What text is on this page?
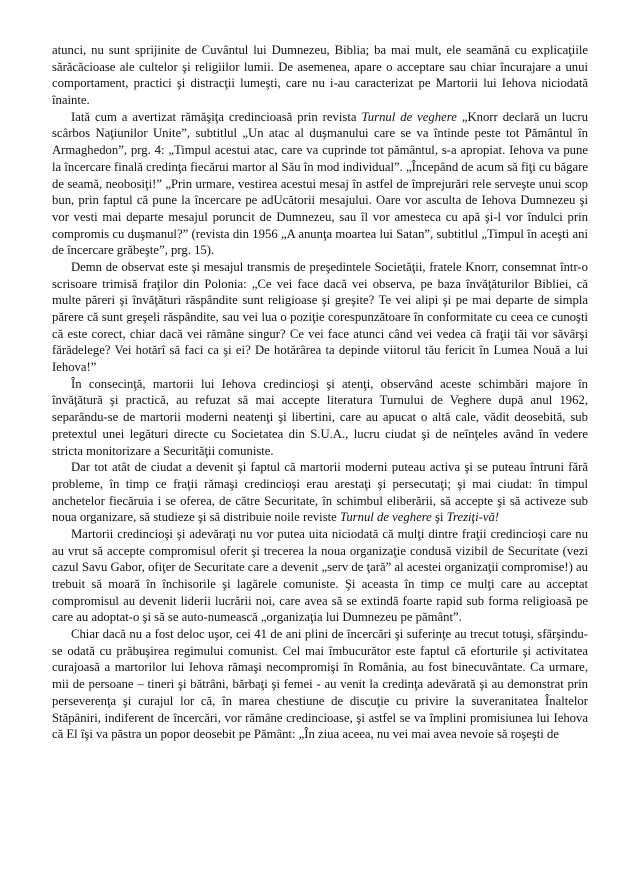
atunci, nu sunt sprijinite de Cuvântul lui Dumnezeu, Biblia; ba mai mult, ele seamănă cu explicaţiile sărăcăcioase ale cultelor şi religiilor lumii. De asemenea, apare o acceptare sau chiar încurajare a unui comportament, practici şi distracţii lumeşti, care nu i-au caracterizat pe Martorii lui Iehova niciodată înainte.

Iată cum a avertizat rămăşiţa credincioasă prin revista Turnul de veghere „Knorr declară un lucru scârbos Naţiunilor Unite”, subtitlul „Un atac al duşmanului care se va întinde peste tot Pământul în Armaghedon”, prg. 4: „Timpul acestui atac, care va cuprinde tot pământul, s-a apropiat. Iehova va pune la încercare finală credinţa fiecărui martor al Său în mod individual”. „Începând de acum să fiţi cu băgare de seamă, neobosiţi!” „Prin urmare, vestirea acestui mesaj în astfel de împrejurări rele serveşte unui scop bun, prin faptul că pune la încercare pe adUcătorii mesajului. Oare vor asculta de Iehova Dumnezeu şi vor vesti mai departe mesajul poruncit de Dumnezeu, sau îl vor amesteca cu apă şi-l vor îndulci prin compromis cu duşmanul?” (revista din 1956 „A anunţa moartea lui Satan”, subtitlul „Timpul în aceşti ani de încercare grăbeşte”, prg. 15).

Demn de observat este şi mesajul transmis de preşedintele Societăţii, fratele Knorr, consemnat într-o scrisoare trimisă fraţilor din Polonia: „Ce vei face dacă vei observa, pe baza învăţăturilor Bibliei, că multe păreri şi învăţături răspândite sunt religioase şi greşite? Te vei alipi şi pe mai departe de simpla părere că sunt greşeli răspândite, sau vei lua o poziţie corespunzătoare în conformitate cu ceea ce cunoşti că este corect, chiar dacă vei rămâne singur? Ce vei face atunci când vei vedea că fraţii tăi vor săvârşi fărădelege? Vei hotărî să faci ca şi ei? De hotărârea ta depinde viitorul tău fericit în Lumea Nouă a lui Iehova!”

În consecinţă, martorii lui Iehova credincioşi şi atenţi, observând aceste schimbări majore în învăţătură şi practică, au refuzat să mai accepte literatura Turnului de Veghere după anul 1962, separându-se de martorii moderni neatenţi şi libertini, care au apucat o altă cale, vădit deosebită, sub pretextul unei legături directe cu Societatea din S.U.A., lucru ciudat şi de neînţeles având în vedere stricta monitorizare a Securităţii comuniste.

Dar tot atât de ciudat a devenit şi faptul că martorii moderni puteau activa şi se puteau întruni fără probleme, în timp ce fraţii rămaşi credincioşi erau arestaţi şi persecutaţi; şi mai ciudat: în timpul anchetelor fiecăruia i se oferea, de către Securitate, în schimbul eliberării, să accepte şi să activeze sub noua organizare, să studieze şi să distribuie noile reviste Turnul de veghere şi Treziţi-vă!

Martorii credincioşi şi adevăraţi nu vor putea uita niciodată că mulţi dintre fraţii credincioşi care nu au vrut să accepte compromisul oferit şi trecerea la noua organizaţie condusă vizibil de Securitate (vezi cazul Savu Gabor, ofiţer de Securitate care a devenit „serv de ţară” al acestei organizaţii compromise!) au trebuit să moară în închisorile şi lagărele comuniste. Şi aceasta în timp ce mulţi care au acceptat compromisul au devenit liderii lucrării noi, care avea să se extindă foarte rapid sub forma religioasă pe care au adoptat-o şi să se auto-numească „organizaţia lui Dumnezeu pe pământ”.

Chiar dacă nu a fost deloc uşor, cei 41 de ani plini de încercări şi suferinţe au trecut totuşi, sfârşindu-se odată cu prăbuşirea regimului comunist. Cel mai îmbucurător este faptul că eforturile şi activitatea curajoasă a martorilor lui Iehova rămaşi necompromişi în România, au fost binecuvântate. Ca urmare, mii de persoane – tineri şi bătrâni, bărbaţi şi femei - au venit la credinţa adevărată şi au demonstrat prin perseverenţa şi curajul lor că, în marea chestiune de discuţie cu privire la suveranitatea Înaltelor Stăpâniri, indiferent de încercări, vor rămâne credincioase, şi astfel se va împlini promisiunea lui Iehova că El îşi va păstra un popor deosebit pe Pământ: „În ziua aceea, nu vei mai avea nevoie să roşeşti de
